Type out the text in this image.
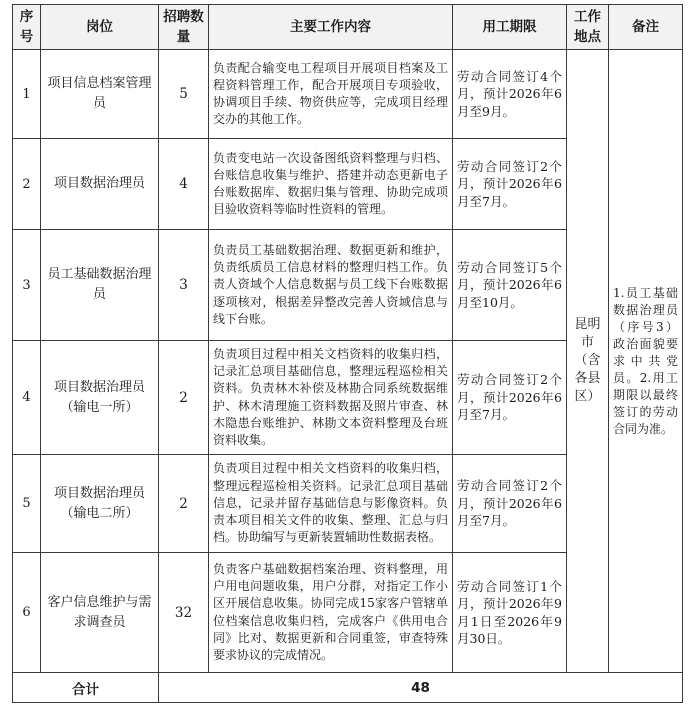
序号	岗位	招聘数量	主要工作内容	用工期限	工作地点	备注
1	项目信息档案管理员	5	负责配合输变电工程项目开展项目档案及工程资料管理工作，配合开展项目专项验收，协调项目手续、物资供应等，完成项目经理交办的其他工作。	劳动合同签订4个月，预计2026年6月至9月。	昆明市（含各县区）	1.员工基础数据治理员（序号3）政治面貌要求中共党员。2.用工期限以最终签订的劳动合同为准。
2	项目数据治理员	4	负责变电站一次设备图纸资料整理与归档、台账信息收集与维护、搭建并动态更新电子台账数据库、数据归集与管理、协助完成项目验收资料等临时性资料的管理。	劳动合同签订2个月，预计2026年6月至7月。		
3	员工基础数据治理员	3	负责员工基础数据治理、数据更新和维护，负责纸质员工信息材料的整理归档工作。负责人资域个人信息数据与员工线下台账数据逐项核对，根据差异整改完善人资域信息与线下台账。	劳动合同签订5个月，预计2026年6月至10月。		
4	项目数据治理员（输电一所）	2	负责项目过程中相关文档资料的收集归档，记录汇总项目基础信息，整理远程巡检相关资料。负责林木补偿及林勘合同系统数据维护、林木清理施工资料数据及照片审查、林木隐患台账维护、林勘文本资料整理及台班资料收集。	劳动合同签订2个月，预计2026年6月至7月。		
5	项目数据治理员（输电二所）	2	负责项目过程中相关文档资料的收集归档，整理远程巡检相关资料。记录汇总项目基础信息，记录并留存基础信息与影像资料。负责本项目相关文件的收集、整理、汇总与归档。协助编写与更新装置辅助性数据表格。	劳动合同签订2个月，预计2026年6月至7月。		
6	客户信息维护与需求调查员	32	负责客户基础数据档案治理、资料整理，用户用电问题收集，用户分群，对指定工作小区开展信息收集。协同完成15家客户管辖单位档案信息收集归档，完成客户《供用电合同》比对、数据更新和合同重签，审查特殊要求协议的完成情况。	劳动合同签订1个月，预计2026年9月1日至2026年9月30日。		
合计		48				
